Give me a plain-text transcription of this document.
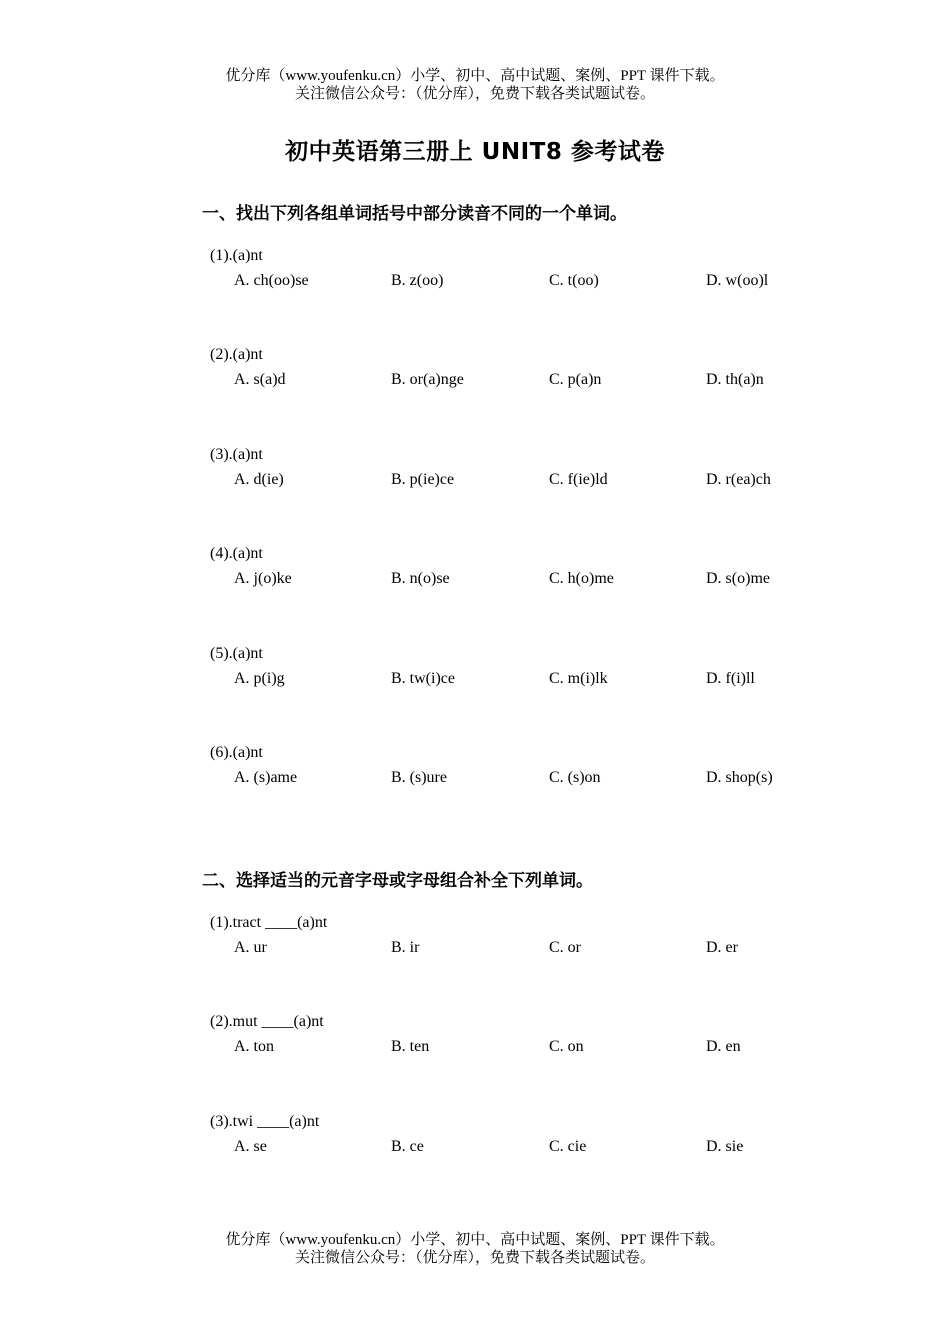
优分库（www.youfenku.cn）小学、初中、高中试题、案例、PPT 课件下载。
关注微信公众号：（优分库），免费下载各类试题试卷。
初中英语第三册上 UNIT8 参考试卷
一、找出下列各组单词括号中部分读音不同的一个单词。
(1).(a)nt
A. ch(oo)se	B. z(oo)	C. t(oo)	D. w(oo)l
(2).(a)nt
A. s(a)d	B. or(a)nge	C. p(a)n	D. th(a)n
(3).(a)nt
A. d(ie)	B. p(ie)ce	C. f(ie)ld	D. r(ea)ch
(4).(a)nt
A. j(o)ke	B. n(o)se	C. h(o)me	D. s(o)me
(5).(a)nt
A. p(i)g	B. tw(i)ce	C. m(i)lk	D. f(i)ll
(6).(a)nt
A. (s)ame	B. (s)ure	C. (s)on	D. shop(s)
二、选择适当的元音字母或字母组合补全下列单词。
(1).tract ____(a)nt
A. ur	B. ir	C. or	D. er
(2).mut ____(a)nt
A. ton	B. ten	C. on	D. en
(3).twi ____(a)nt
A. se	B. ce	C. cie	D. sie
优分库（www.youfenku.cn）小学、初中、高中试题、案例、PPT 课件下载。
关注微信公众号：（优分库），免费下载各类试题试卷。
